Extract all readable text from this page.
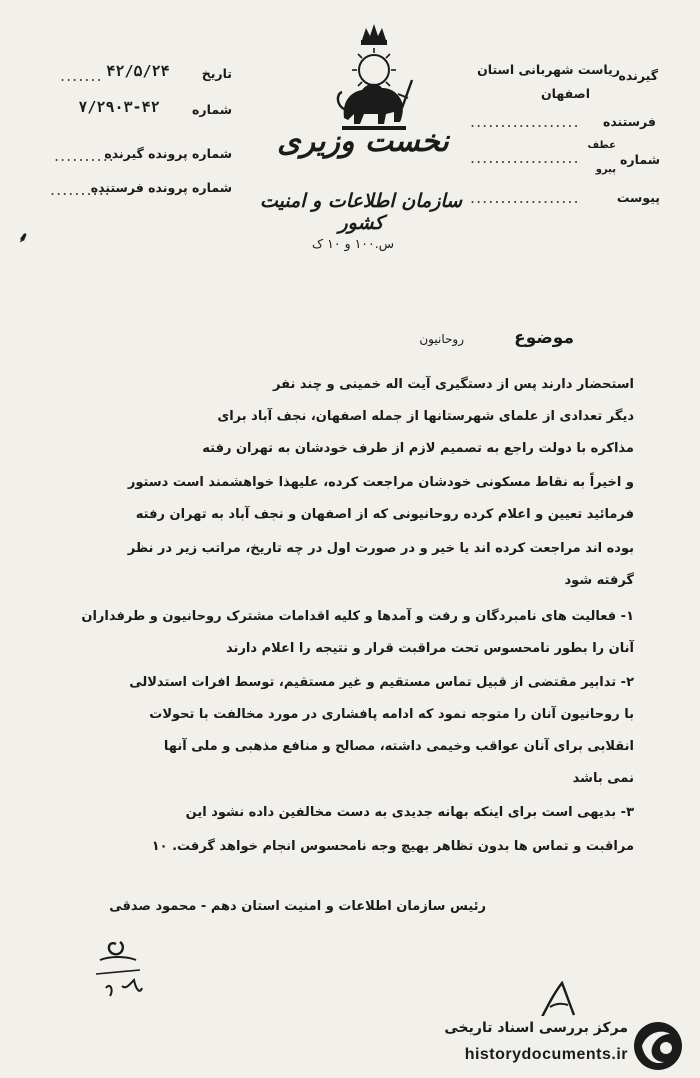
نخست وزیری
سازمان اطلاعات و امنیت کشور
س.۱۰۰ و ۱۰ ک
گیرنده
ریاست شهربانی استان
اصفهان
فرستنده
..................
شماره
عطف
پیرو
..................
پیوست
..................
تاریخ
....... ۴۲/۵/۲۴
شماره
۷/۲۹۰۳-۴۲
شماره پرونده گیرنده
..........
شماره پرونده فرستنده
..........
موضوع
روحانیون
استحضار دارند پس از دستگیری آیت اله خمینی و چند نفر
دیگر تعدادی از علمای شهرستانها از جمله اصفهان، نجف آباد برای
مذاکره با دولت راجع به تصمیم لازم از طرف خودشان به تهران رفته
و اخیراً به نقاط مسکونی خودشان مراجعت کرده، علیهذا خواهشمند است دستور
فرمائید تعیین و اعلام کرده روحانیونی که از اصفهان و نجف آباد به تهران رفته
بوده اند مراجعت کرده اند یا خیر و در صورت اول در چه تاریخ، مراتب زیر در نظر
گرفته شود
۱- فعالیت های نامبردگان و رفت و آمدها و کلیه اقدامات مشترک روحانیون و طرفداران
آنان را بطور نامحسوس تحت مراقبت قرار و نتیجه را اعلام دارند
۲- تدابیر مقتضی از قبیل تماس مستقیم و غیر مستقیم، توسط افرات استدلالی
با روحانیون آنان را متوجه نمود که ادامه پافشاری در مورد مخالفت با تحولات
انقلابی برای آنان عواقب وخیمی داشته، مصالح و منافع مذهبی و ملی آنها
نمی باشد
۳- بدیهی است برای اینکه بهانه جدیدی به دست مخالفین داده نشود این
مراقبت و تماس ها بدون تظاهر بهیچ وجه نامحسوس انجام خواهد گرفت. ۱۰
رئیس سازمان اطلاعات و امنیت استان دهم - محمود صدقی
⸙
مرکز بررسی اسناد تاریخی
historydocuments.ir
